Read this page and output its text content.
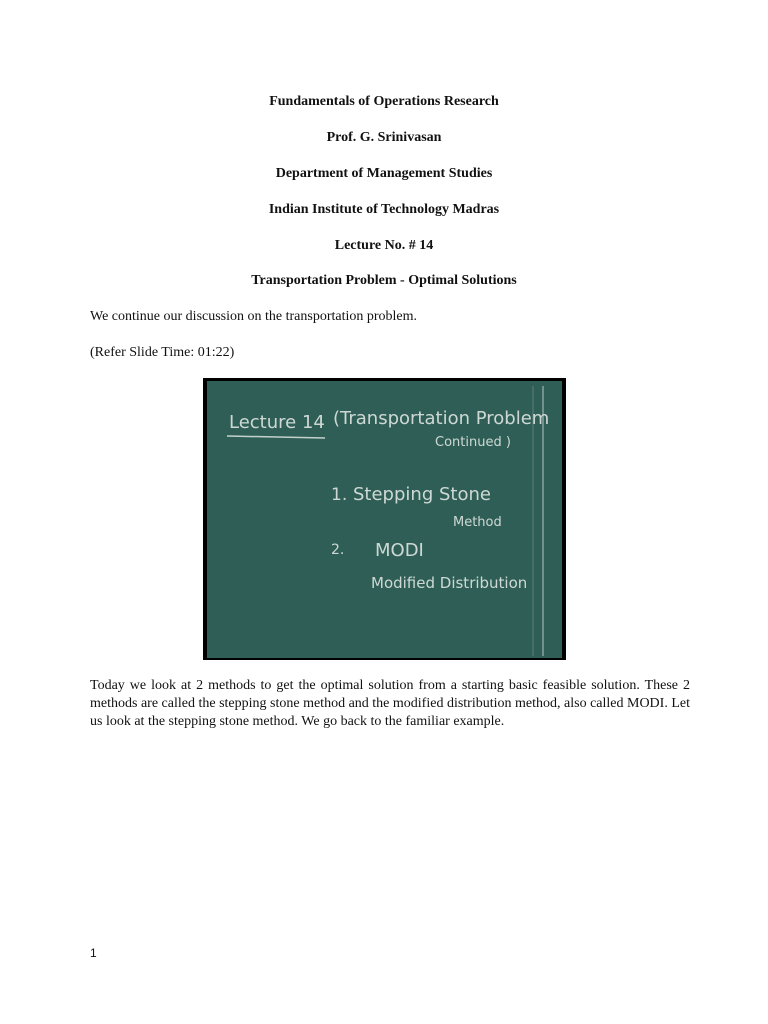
Fundamentals of Operations Research
Prof. G. Srinivasan
Department of Management Studies
Indian Institute of Technology Madras
Lecture No. # 14
Transportation Problem - Optimal Solutions
We continue our discussion on the transportation problem.
(Refer Slide Time: 01:22)
Lecture 14 (Transportation Problem
Continued )
1. Stepping Stone
Method
2. MODI
Modified Distribution
Today we look at 2 methods to get the optimal solution from a starting basic feasible solution. These 2 methods are called the stepping stone method and the modified distribution method, also called MODI. Let us look at the stepping stone method. We go back to the familiar example.
1
